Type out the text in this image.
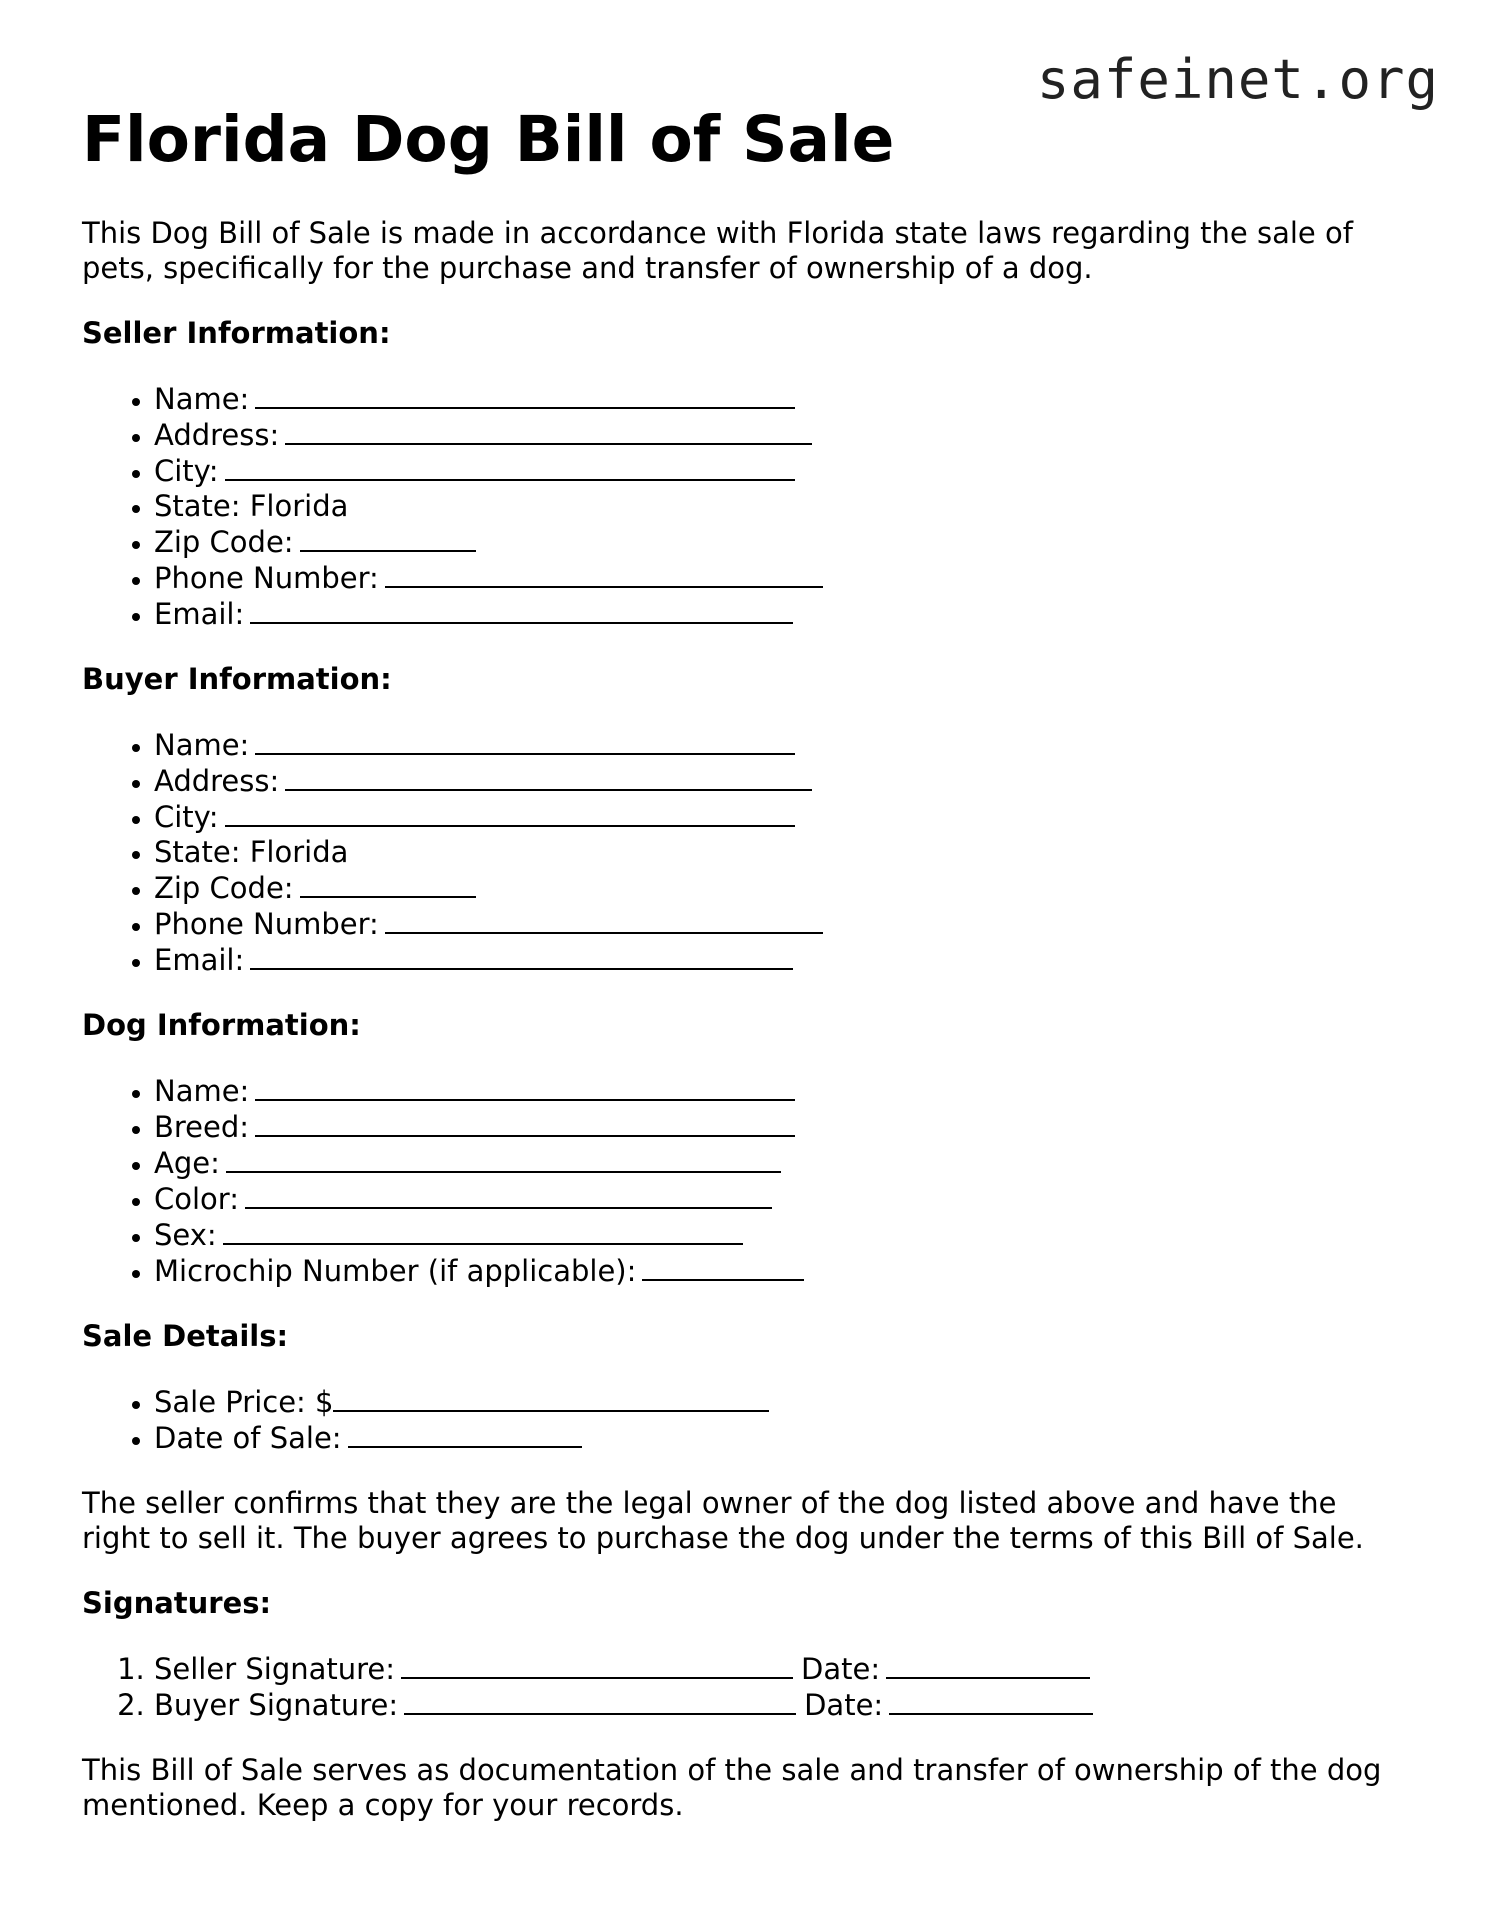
safeinet.org
Florida Dog Bill of Sale

This Dog Bill of Sale is made in accordance with Florida state laws regarding the sale of pets, specifically for the purchase and transfer of ownership of a dog.

Seller Information:
• Name:
• Address:
• City:
• State: Florida
• Zip Code:
• Phone Number:
• Email:
Buyer Information:
• Name:
• Address:
• City:
• State: Florida
• Zip Code:
• Phone Number:
• Email:
Dog Information:
• Name:
• Breed:
• Age:
• Color:
• Sex:
• Microchip Number (if applicable):
Sale Details:
• Sale Price: $
• Date of Sale:

The seller confirms that they are the legal owner of the dog listed above and have the right to sell it. The buyer agrees to purchase the dog under the terms of this Bill of Sale.

Signatures:
1. Seller Signature:	Date:
2. Buyer Signature:	Date:

This Bill of Sale serves as documentation of the sale and transfer of ownership of the dog mentioned. Keep a copy for your records.
